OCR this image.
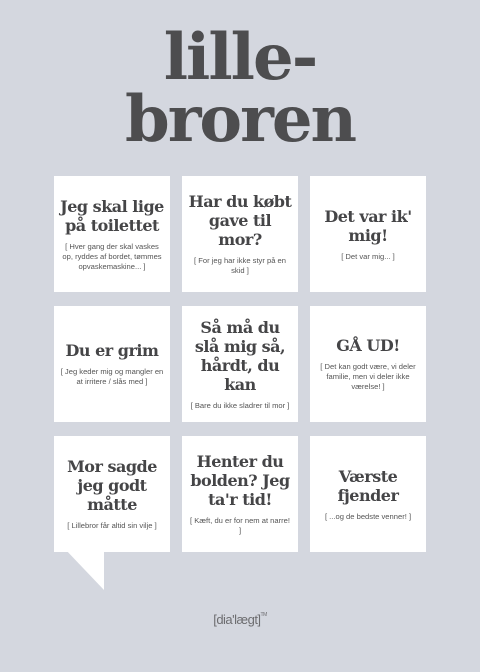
lille-
broren
Jeg skal lige på toilettet
[ Hver gang der skal vaskes op, ryddes af bordet, tømmes opvaskemaskine... ]
Har du købt gave til mor?
[ For jeg har ikke styr på en skid ]
Det var ik' mig!
[ Det var mig... ]
Du er grim
[ Jeg keder mig og mangler en at irritere / slås med ]
Så må du slå mig så, hårdt, du kan
[ Bare du ikke sladrer til mor ]
GÅ UD!
[ Det kan godt være, vi deler familie, men vi deler ikke værelse! ]
Mor sagde jeg godt måtte
[ Lillebror får altid sin vilje ]
Henter du bolden? Jeg ta'r tid!
[ Kæft, du er for nem at narre! ]
Værste fjender
[ ...og de bedste venner! ]
[dia'lægt]™
